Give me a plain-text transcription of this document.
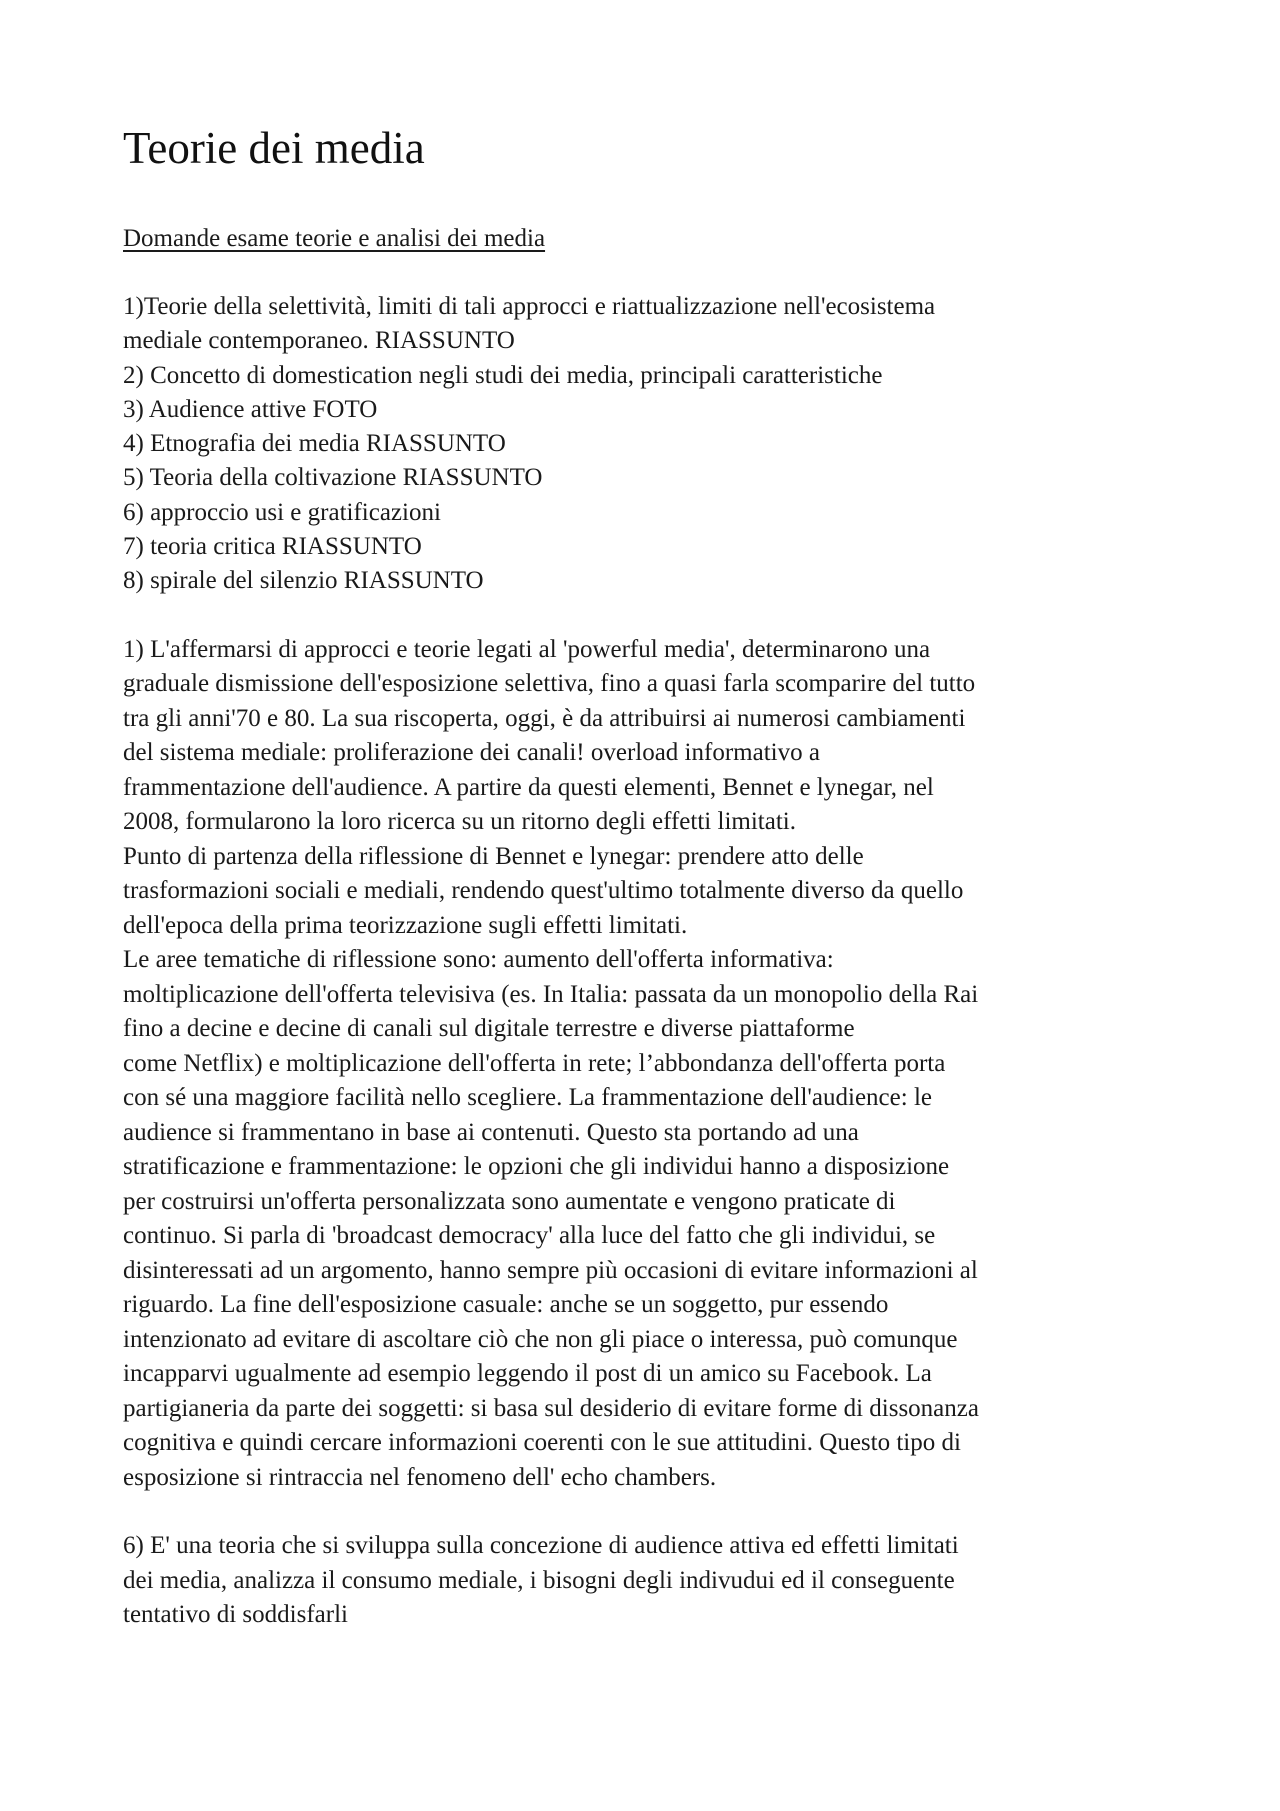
Teorie dei media
Domande esame teorie e analisi dei media
1)Teorie della selettività, limiti di tali approcci e riattualizzazione nell'ecosistema
mediale contemporaneo. RIASSUNTO
2) Concetto di domestication negli studi dei media, principali caratteristiche
3) Audience attive FOTO
4) Etnografia dei media RIASSUNTO
5) Teoria della coltivazione RIASSUNTO
6) approccio usi e gratificazioni
7) teoria critica RIASSUNTO
8) spirale del silenzio RIASSUNTO
1) L'affermarsi di approcci e teorie legati al 'powerful media', determinarono una
graduale dismissione dell'esposizione selettiva, fino a quasi farla scomparire del tutto
tra gli anni'70 e 80. La sua riscoperta, oggi, è da attribuirsi ai numerosi cambiamenti
del sistema mediale: proliferazione dei canali! overload informativo a
frammentazione dell'audience. A partire da questi elementi, Bennet e lynegar, nel
2008, formularono la loro ricerca su un ritorno degli effetti limitati.
Punto di partenza della riflessione di Bennet e lynegar: prendere atto delle
trasformazioni sociali e mediali, rendendo quest'ultimo totalmente diverso da quello
dell'epoca della prima teorizzazione sugli effetti limitati.
Le aree tematiche di riflessione sono: aumento dell'offerta informativa:
moltiplicazione dell'offerta televisiva (es. In Italia: passata da un monopolio della Rai
fino a decine e decine di canali sul digitale terrestre e diverse piattaforme
come Netflix) e moltiplicazione dell'offerta in rete; l’abbondanza dell'offerta porta
con sé una maggiore facilità nello scegliere. La frammentazione dell'audience: le
audience si frammentano in base ai contenuti. Questo sta portando ad una
stratificazione e frammentazione: le opzioni che gli individui hanno a disposizione
per costruirsi un'offerta personalizzata sono aumentate e vengono praticate di
continuo. Si parla di 'broadcast democracy' alla luce del fatto che gli individui, se
disinteressati ad un argomento, hanno sempre più occasioni di evitare informazioni al
riguardo. La fine dell'esposizione casuale: anche se un soggetto, pur essendo
intenzionato ad evitare di ascoltare ciò che non gli piace o interessa, può comunque
incapparvi ugualmente ad esempio leggendo il post di un amico su Facebook. La
partigianeria da parte dei soggetti: si basa sul desiderio di evitare forme di dissonanza
cognitiva e quindi cercare informazioni coerenti con le sue attitudini. Questo tipo di
esposizione si rintraccia nel fenomeno dell' echo chambers.
6) E' una teoria che si sviluppa sulla concezione di audience attiva ed effetti limitati
dei media, analizza il consumo mediale, i bisogni degli indivudui ed il conseguente
tentativo di soddisfarli
